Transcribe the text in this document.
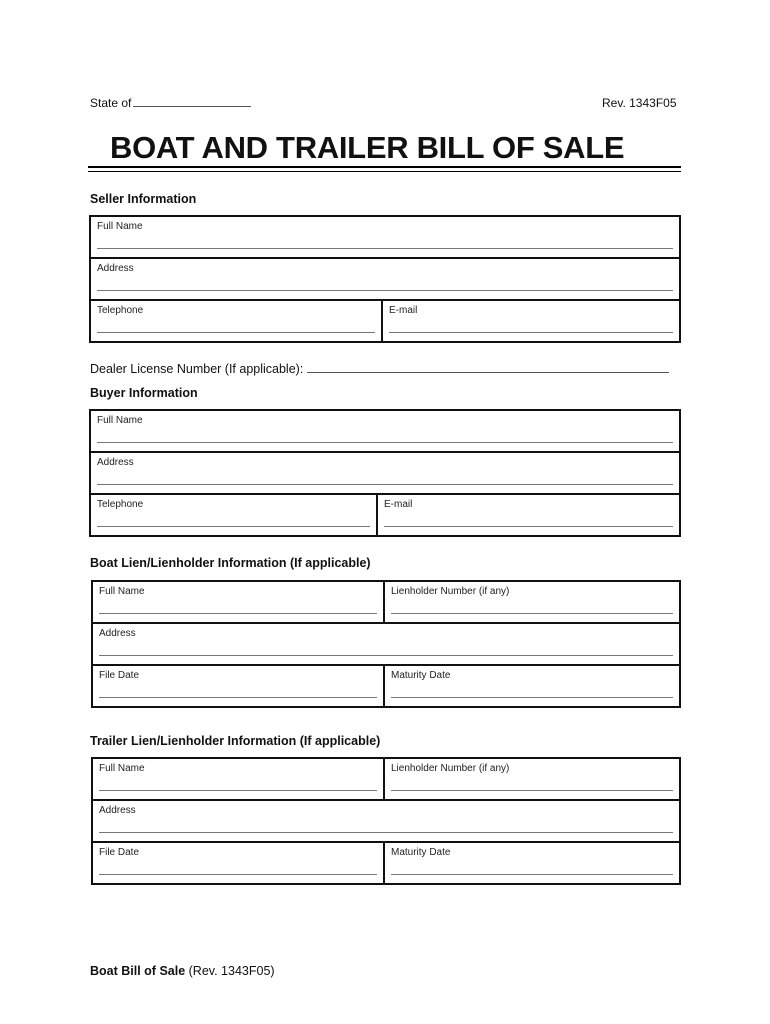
State of	Rev. 1343F05
BOAT AND TRAILER BILL OF SALE
Seller Information
Full Name

Address

Telephone	E-mail
Dealer License Number (If applicable):
Buyer Information
Full Name

Address

Telephone	E-mail
Boat Lien/Lienholder Information (If applicable)
Full Name	Lienholder Number (if any)

Address	

File Date	Maturity Date
Trailer Lien/Lienholder Information (If applicable)
Full Name	Lienholder Number (if any)

Address	

File Date	Maturity Date
Boat Bill of Sale (Rev. 1343F05)
